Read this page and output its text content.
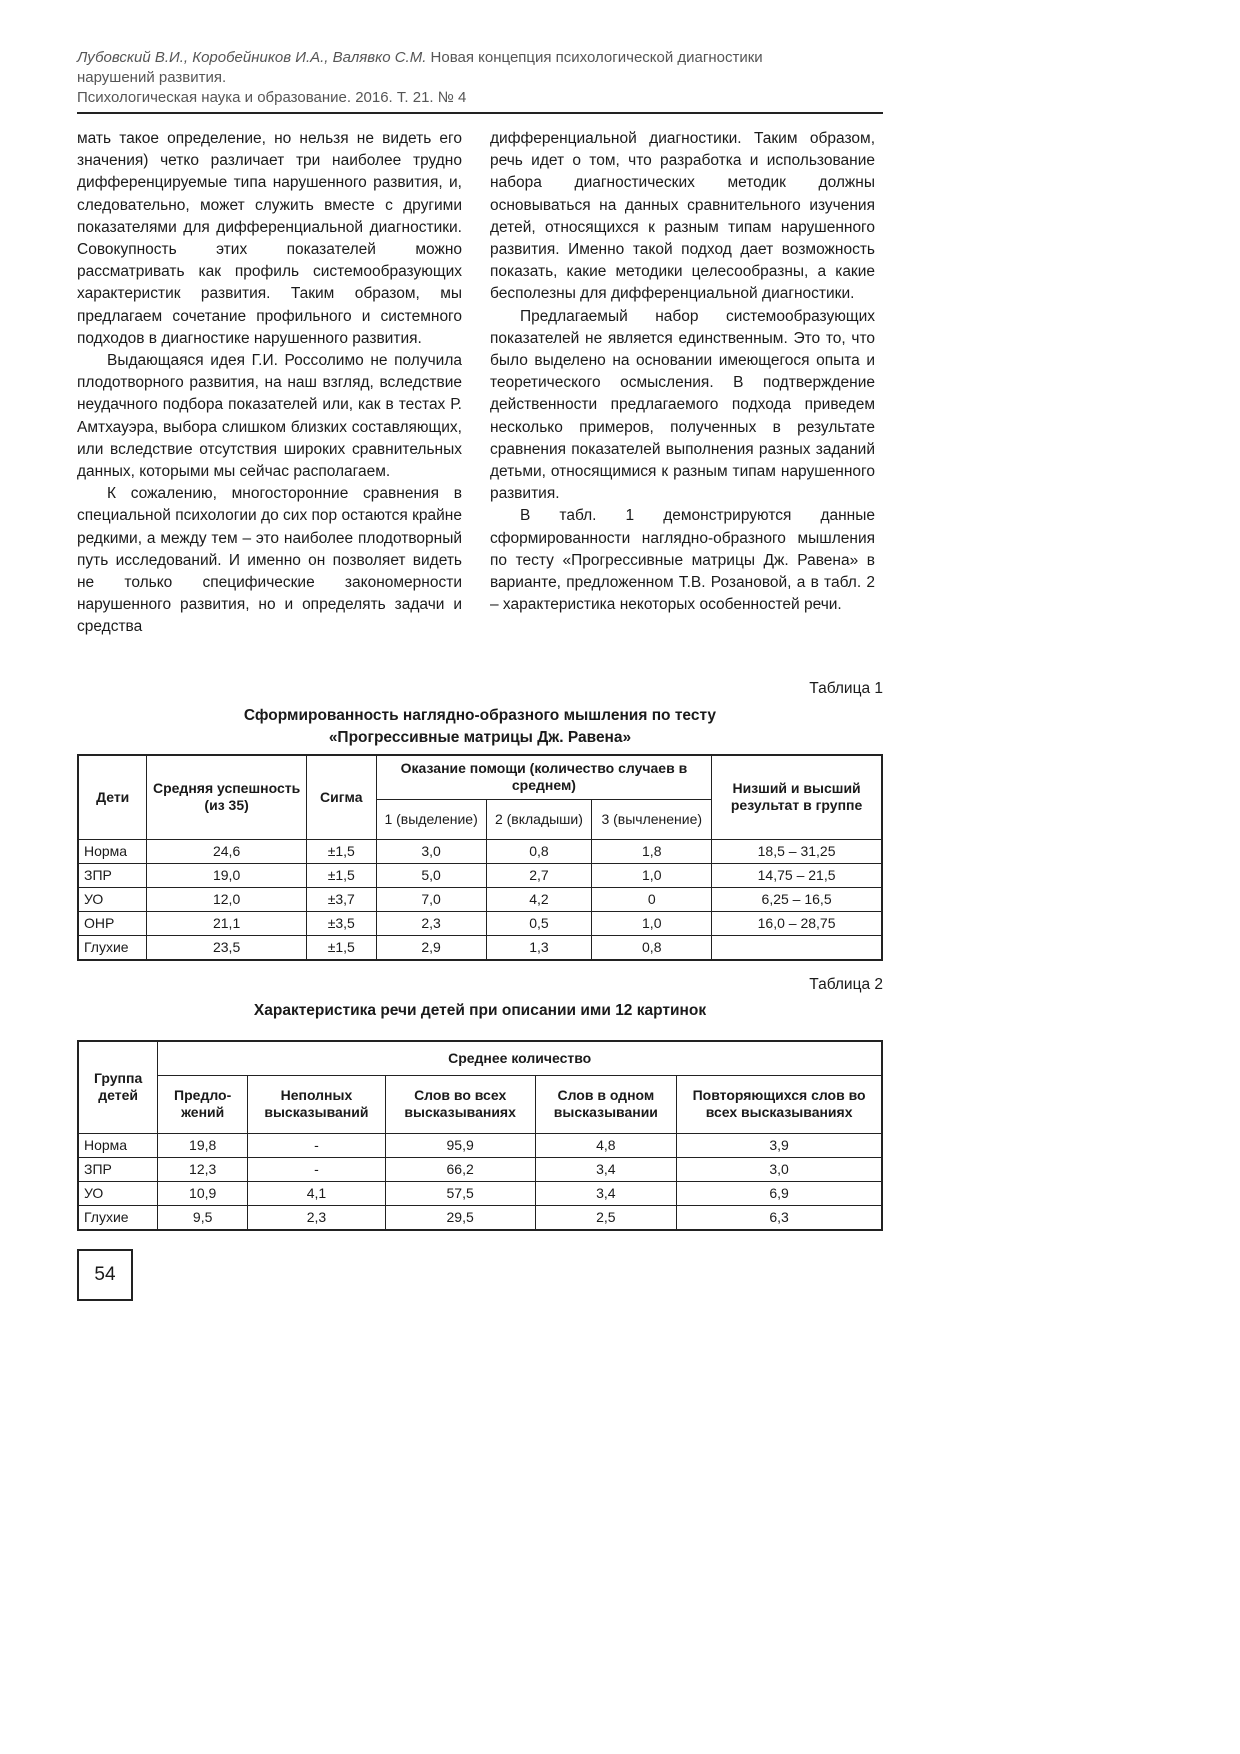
Лубовский В.И., Коробейников И.А., Валявко С.М. Новая концепция психологической диагностики
нарушений развития.
Психологическая наука и образование. 2016. Т. 21. № 4

мать такое определение, но нельзя не видеть его значения) четко различает три наиболее трудно дифференцируемые типа нарушенного развития, и, следовательно, может служить вместе с другими показателями для дифференциальной диагностики. Совокупность этих показателей можно рассматривать как профиль системообразующих характеристик развития. Таким образом, мы предлагаем сочетание профильного и системного подходов в диагностике нарушенного развития.

Выдающаяся идея Г.И. Россолимо не получила плодотворного развития, на наш взгляд, вследствие неудачного подбора показателей или, как в тестах Р. Амтхауэра, выбора слишком близких составляющих, или вследствие отсутствия широких сравнительных данных, которыми мы сейчас располагаем.

К сожалению, многосторонние сравнения в специальной психологии до сих пор остаются крайне редкими, а между тем – это наиболее плодотворный путь исследований. И именно он позволяет видеть не только специфические закономерности нарушенного развития, но и определять задачи и средства

дифференциальной диагностики. Таким образом, речь идет о том, что разработка и использование набора диагностических методик должны основываться на данных сравнительного изучения детей, относящихся к разным типам нарушенного развития. Именно такой подход дает возможность показать, какие методики целесообразны, а какие бесполезны для дифференциальной диагностики.

Предлагаемый набор системообразующих показателей не является единственным. Это то, что было выделено на основании имеющегося опыта и теоретического осмысления. В подтверждение действенности предлагаемого подхода приведем несколько примеров, полученных в результате сравнения показателей выполнения разных заданий детьми, относящимися к разным типам нарушенного развития.

В табл. 1 демонстрируются данные сформированности наглядно-образного мышления по тесту «Прогрессивные матрицы Дж. Равена» в варианте, предложенном Т.В. Розановой, а в табл. 2 – характеристика некоторых особенностей речи.

Таблица 1
Сформированность наглядно-образного мышления по тесту
«Прогрессивные матрицы Дж. Равена»
Дети	Средняя успешность (из 35)	Сигма	Оказание помощи (количество случаев в среднем)			Низший и высший результат в группе
			1 (выделение)	2 (вкладыши)	3 (вычленение)	
Норма	24,6	±1,5	3,0	0,8	1,8	18,5 – 31,25
ЗПР	19,0	±1,5	5,0	2,7	1,0	14,75 – 21,5
УО	12,0	±3,7	7,0	4,2	0	6,25 – 16,5
ОНР	21,1	±3,5	2,3	0,5	1,0	16,0 – 28,75
Глухие	23,5	±1,5	2,9	1,3	0,8	
Таблица 2
Характеристика речи детей при описании ими 12 картинок
Группа детей	Среднее количество				
	Предло-жений	Неполных высказываний	Слов во всех высказываниях	Слов в одном высказывании	Повторяющихся слов во всех высказываниях
Норма	19,8	-	95,9	4,8	3,9
ЗПР	12,3	-	66,2	3,4	3,0
УО	10,9	4,1	57,5	3,4	6,9
Глухие	9,5	2,3	29,5	2,5	6,3
54
